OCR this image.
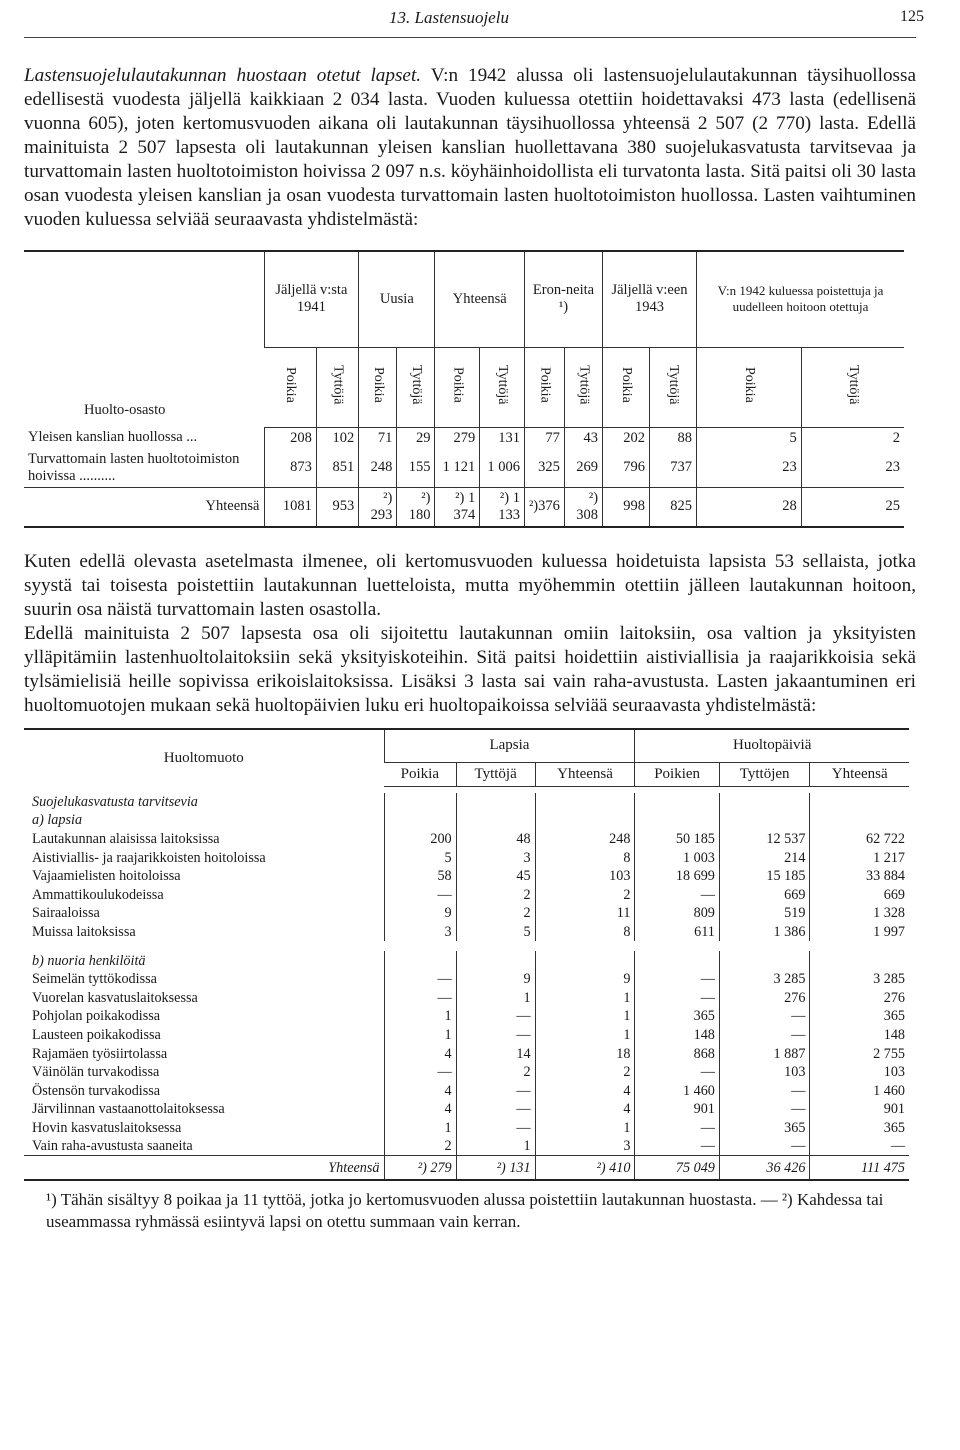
13. Lastensuojelu	125

Lastensuojelulautakunnan huostaan otetut lapset. V:n 1942 alussa oli lastensuojelulautakunnan täysihuollossa edellisestä vuodesta jäljellä kaikkiaan 2 034 lasta. Vuoden kuluessa otettiin hoidettavaksi 473 lasta (edellisenä vuonna 605), joten kertomusvuoden aikana oli lautakunnan täysihuollossa yhteensä 2 507 (2 770) lasta. Edellä mainituista 2 507 lapsesta oli lautakunnan yleisen kanslian huollettavana 380 suojelukasvatusta tarvitsevaa ja turvattomain lasten huoltotoimiston hoivissa 2 097 n.s. köyhäinhoidollista eli turvatonta lasta. Sitä paitsi oli 30 lasta osan vuodesta yleisen kanslian ja osan vuodesta turvattomain lasten huoltotoimiston huollossa. Lasten vaihtuminen vuoden kuluessa selviää seuraavasta yhdistelmästä:

Huolto-osasto	Jäljellä v:sta 1941		Uusia		Yhteensä		Eron-neita ¹)		Jäljellä v:een 1943		V:n 1942 kuluessa poistettuja ja uudelleen hoitoon otettuja	
	Poikia	Tyttöjä	Poikia	Tyttöjä	Poikia	Tyttöjä	Poikia	Tyttöjä	Poikia	Tyttöjä	Poikia	Tyttöjä
Yleisen kanslian huollossa ...	208	102	71	29	279	131	77	43	202	88	5	2
Turvattomain lasten huoltotoimiston hoivissa ..........	873	851	248	155	1 121	1 006	325	269	796	737	23	23
Yhteensä	1081	953	²) 293	²) 180	²) 1 374	²) 1 133	²)376	²) 308	998	825	28	25

Kuten edellä olevasta asetelmasta ilmenee, oli kertomusvuoden kuluessa hoidetuista lapsista 53 sellaista, jotka syystä tai toisesta poistettiin lautakunnan luetteloista, mutta myöhemmin otettiin jälleen lautakunnan hoitoon, suurin osa näistä turvattomain lasten osastolla.

Edellä mainituista 2 507 lapsesta osa oli sijoitettu lautakunnan omiin laitoksiin, osa valtion ja yksityisten ylläpitämiin lastenhuoltolaitoksiin sekä yksityiskoteihin. Sitä paitsi hoidettiin aistiviallisia ja raajarikkoisia sekä tylsämielisiä heille sopivissa erikoislaitoksissa. Lisäksi 3 lasta sai vain raha-avustusta. Lasten jakaantuminen eri huoltomuotojen mukaan sekä huoltopäivien luku eri huoltopaikoissa selviää seuraavasta yhdistelmästä:

Huoltomuoto	Lapsia			Huoltopäiviä		
	Poikia	Tyttöjä	Yhteensä	Poikien	Tyttöjen	Yhteensä

Suojelukasvatusta tarvitsevia						
a) lapsia						
Lautakunnan alaisissa laitoksissa	200	48	248	50 185	12 537	62 722
Aistiviallis- ja raajarikkoisten hoitoloissa	5	3	8	1 003	214	1 217
Vajaamielisten hoitoloissa	58	45	103	18 699	15 185	33 884
Ammattikoulukodeissa	—	2	2	—	669	669
Sairaaloissa	9	2	11	809	519	1 328
Muissa laitoksissa	3	5	8	611	1 386	1 997

b) nuoria henkilöitä						
Seimelän tyttökodissa	—	9	9	—	3 285	3 285
Vuorelan kasvatuslaitoksessa	—	1	1	—	276	276
Pohjolan poikakodissa	1	—	1	365	—	365
Lausteen poikakodissa	1	—	1	148	—	148
Rajamäen työsiirtolassa	4	14	18	868	1 887	2 755
Väinölän turvakodissa	—	2	2	—	103	103
Östensön turvakodissa	4	—	4	1 460	—	1 460
Järvilinnan vastaanottolaitoksessa	4	—	4	901	—	901
Hovin kasvatuslaitoksessa	1	—	1	—	365	365
Vain raha-avustusta saaneita	2	1	3	—	—	—
Yhteensä	²) 279	²) 131	²) 410	75 049	36 426	111 475
¹) Tähän sisältyy 8 poikaa ja 11 tyttöä, jotka jo kertomusvuoden alussa poistettiin lautakunnan huostasta. — ²) Kahdessa tai useammassa ryhmässä esiintyvä lapsi on otettu summaan vain kerran.
